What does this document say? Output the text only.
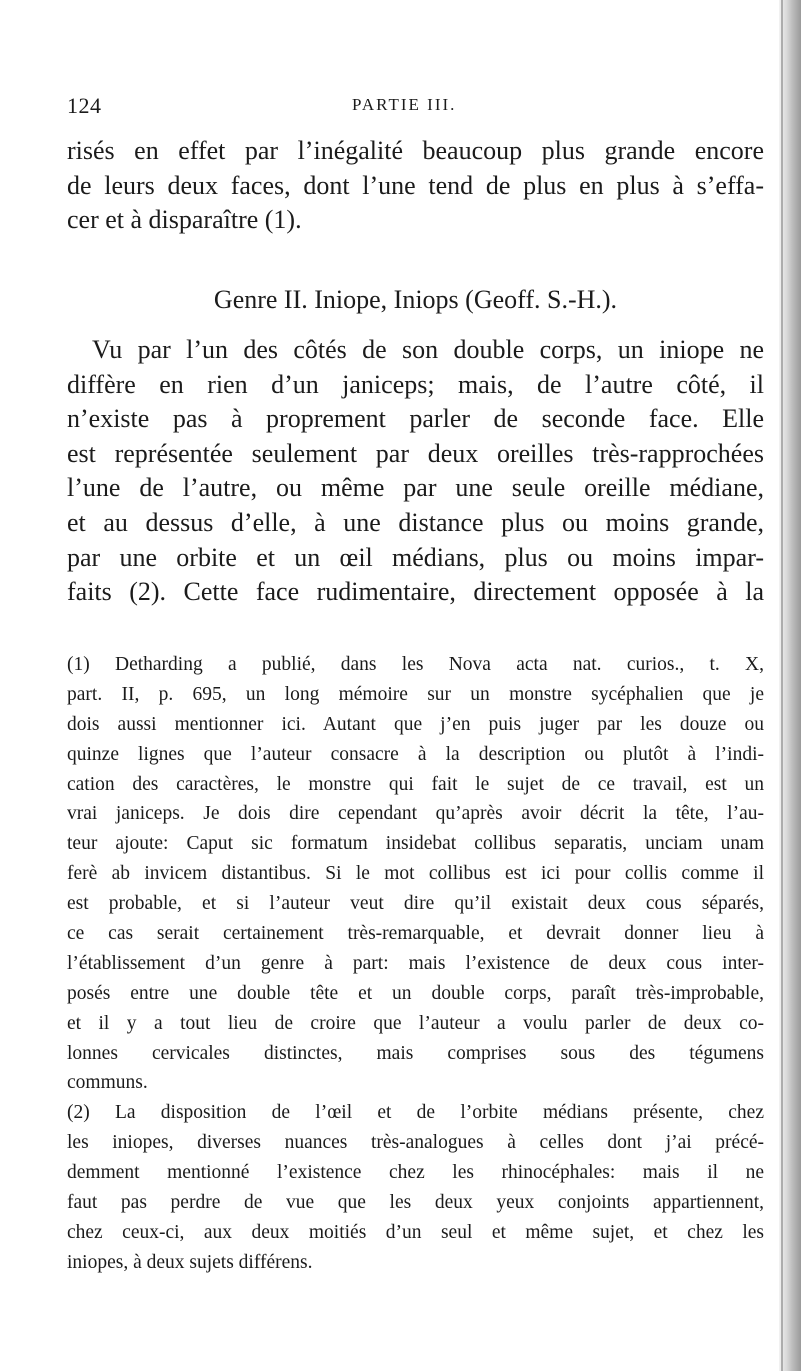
124	PARTIE III.
risés en effet par l’inégalité beaucoup plus grande encore
de leurs deux faces, dont l’une tend de plus en plus à s’effa-
cer et à disparaître (1).
Genre II. Iniope, Iniops (Geoff. S.-H.).
Vu par l’un des côtés de son double corps, un iniope ne
diffère en rien d’un janiceps; mais, de l’autre côté, il
n’existe pas à proprement parler de seconde face. Elle
est représentée seulement par deux oreilles très-rapprochées
l’une de l’autre, ou même par une seule oreille médiane,
et au dessus d’elle, à une distance plus ou moins grande,
par une orbite et un œil médians, plus ou moins impar-
faits (2). Cette face rudimentaire, directement opposée à la
(1) Detharding a publié, dans les Nova acta nat. curios., t. X,
part. II, p. 695, un long mémoire sur un monstre sycéphalien que je
dois aussi mentionner ici. Autant que j’en puis juger par les douze ou
quinze lignes que l’auteur consacre à la description ou plutôt à l’indi-
cation des caractères, le monstre qui fait le sujet de ce travail, est un
vrai janiceps. Je dois dire cependant qu’après avoir décrit la tête, l’au-
teur ajoute: Caput sic formatum insidebat collibus separatis, unciam unam
ferè ab invicem distantibus. Si le mot collibus est ici pour collis comme il
est probable, et si l’auteur veut dire qu’il existait deux cous séparés,
ce cas serait certainement très-remarquable, et devrait donner lieu à
l’établissement d’un genre à part: mais l’existence de deux cous inter-
posés entre une double tête et un double corps, paraît très-improbable,
et il y a tout lieu de croire que l’auteur a voulu parler de deux co-
lonnes cervicales distinctes, mais comprises sous des tégumens
communs.
(2) La disposition de l’œil et de l’orbite médians présente, chez
les iniopes, diverses nuances très-analogues à celles dont j’ai précé-
demment mentionné l’existence chez les rhinocéphales: mais il ne
faut pas perdre de vue que les deux yeux conjoints appartiennent,
chez ceux-ci, aux deux moitiés d’un seul et même sujet, et chez les
iniopes, à deux sujets différens.
